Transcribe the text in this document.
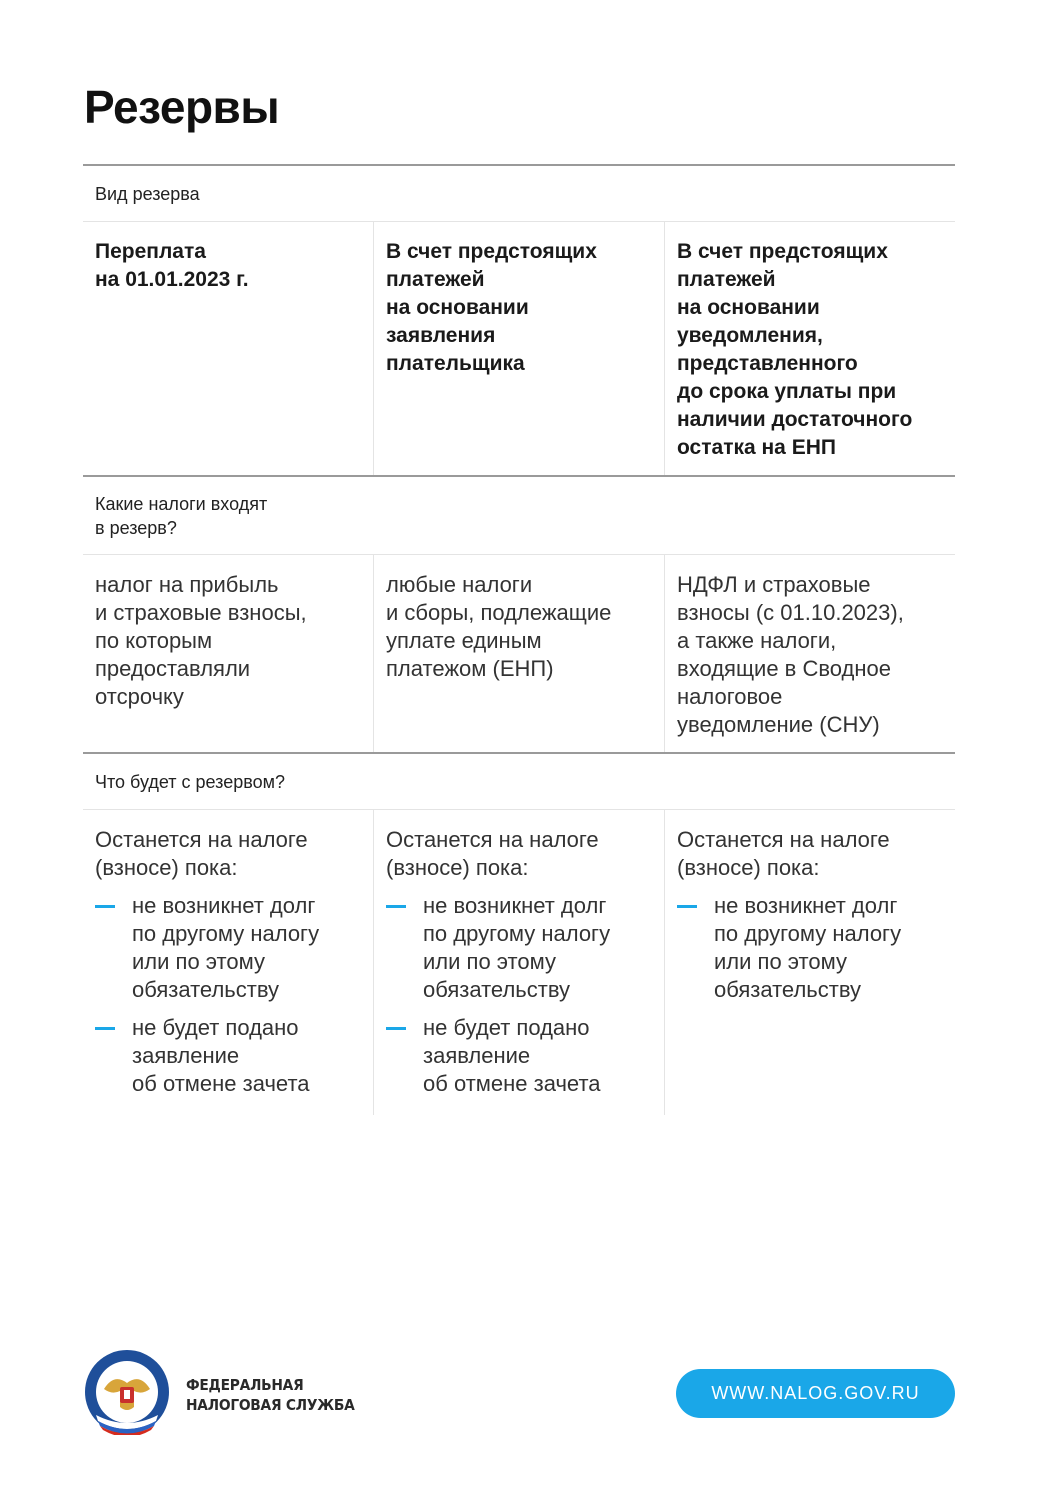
Резервы
Вид резерва
Переплата
на 01.01.2023 г.
В счет предстоящих
платежей
на основании
заявления
плательщика
В счет предстоящих
платежей
на основании
уведомления,
представленного
до срока уплаты при
наличии достаточного
остатка на ЕНП
Какие налоги входят
в резерв?
налог на прибыль
и страховые взносы,
по которым
предоставляли
отсрочку
любые налоги
и сборы, подлежащие
уплате единым
платежом (ЕНП)
НДФЛ и страховые
взносы (с 01.10.2023),
а также налоги,
входящие в Сводное
налоговое
уведомление (СНУ)
Что будет с резервом?
Останется на налоге
(взносе) пока:
не возникнет долг
по другому налогу
или по этому
обязательству
не будет подано
заявление
об отмене зачета
Останется на налоге
(взносе) пока:
не возникнет долг
по другому налогу
или по этому
обязательству
не будет подано
заявление
об отмене зачета
Останется на налоге
(взносе) пока:
не возникнет долг
по другому налогу
или по этому
обязательству
ФЕДЕРАЛЬНАЯ
НАЛОГОВАЯ СЛУЖБА
WWW.NALOG.GOV.RU
